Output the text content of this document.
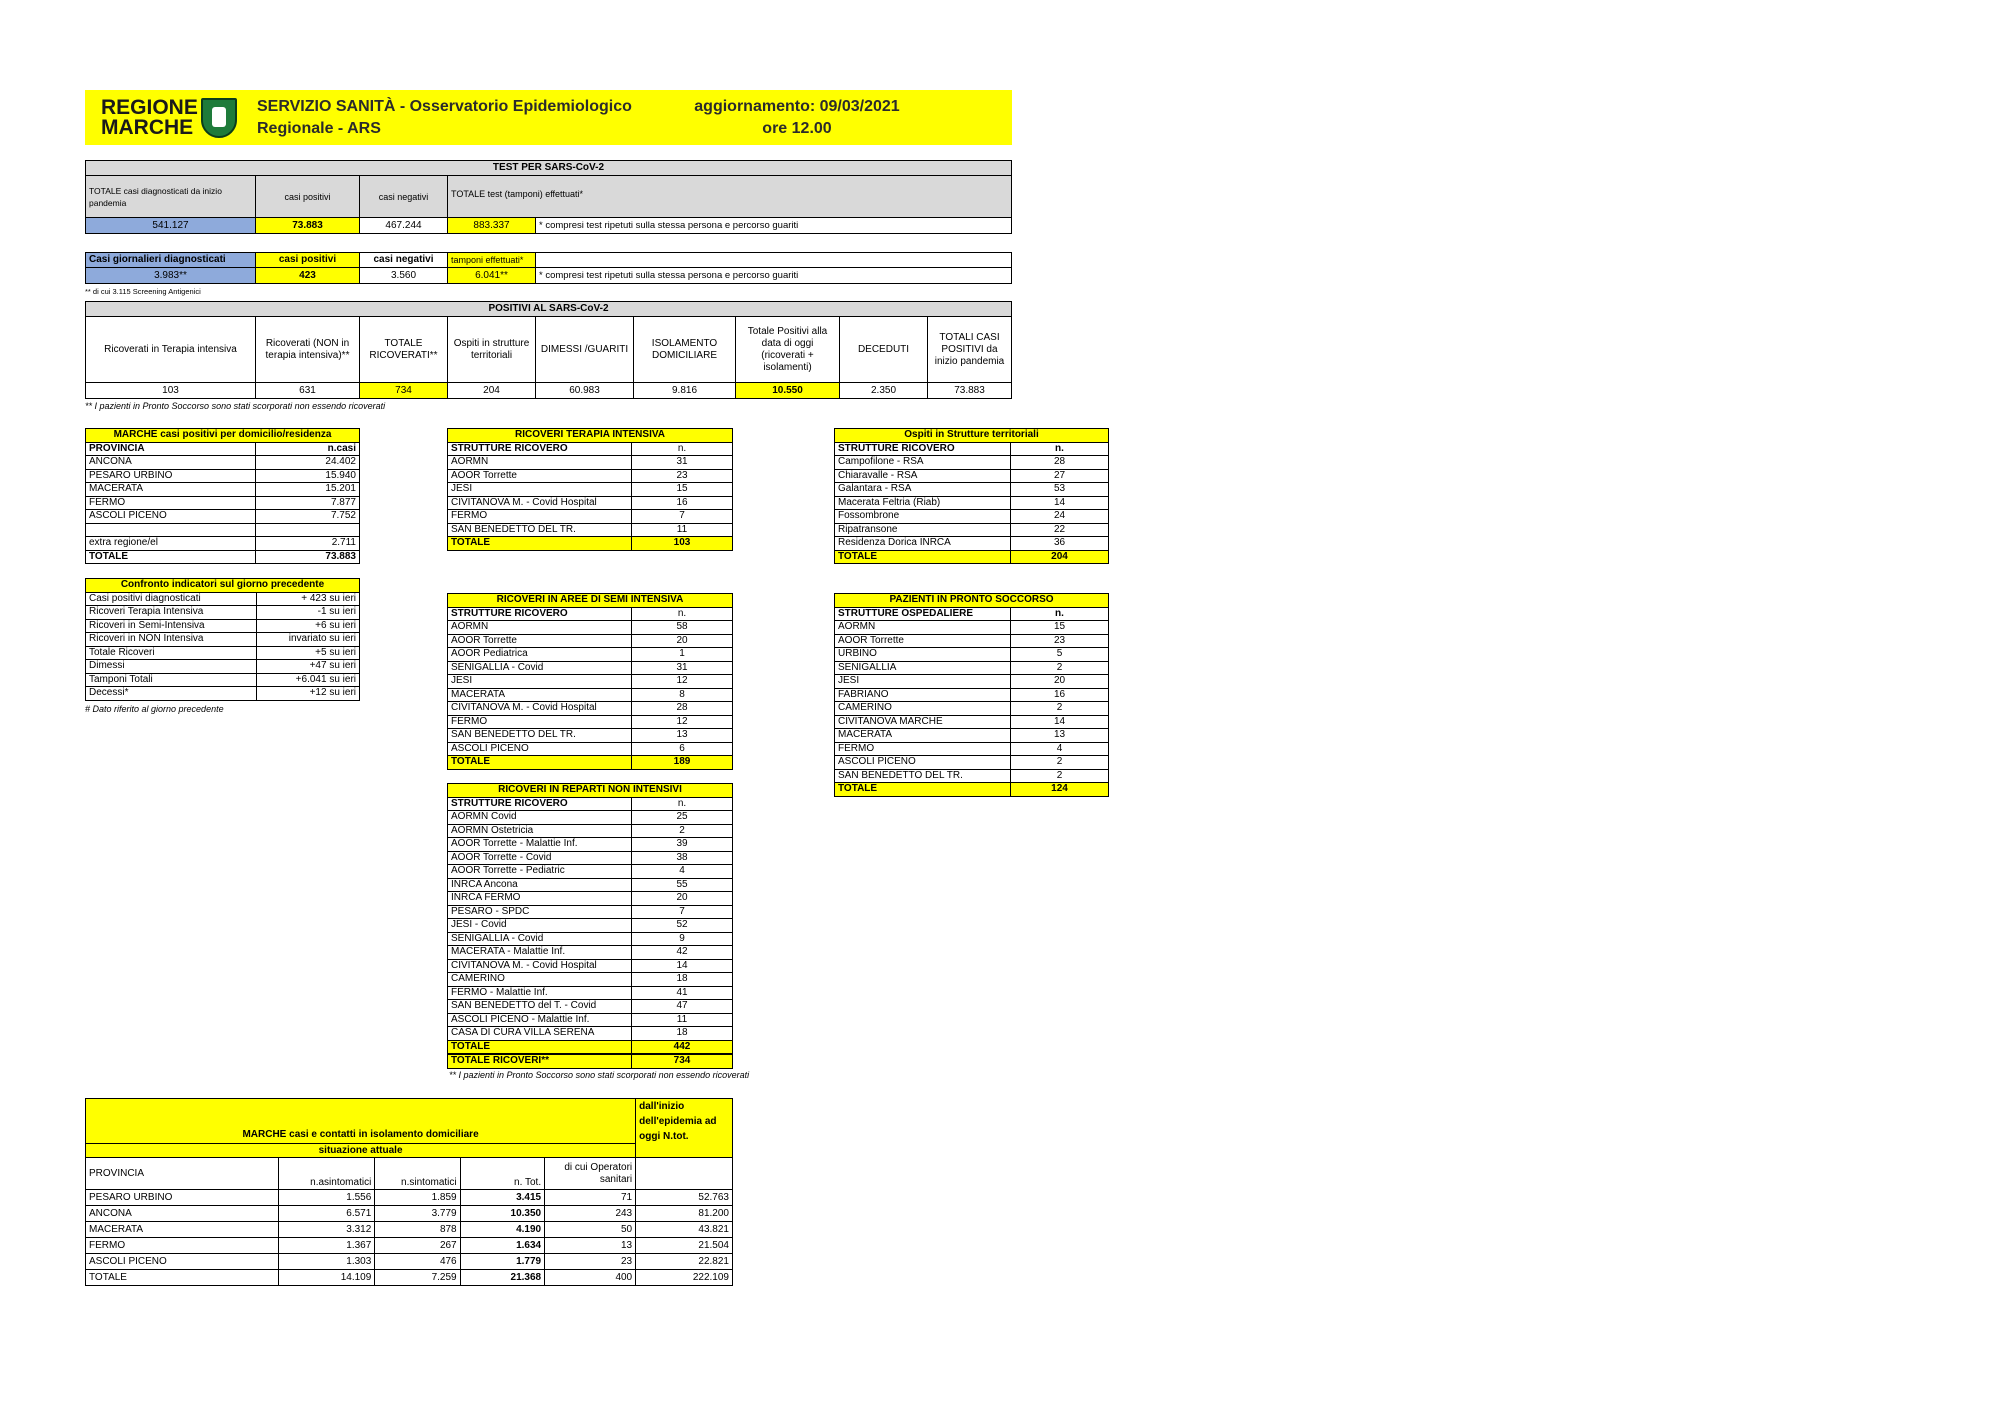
REGIONE
MARCHE
SERVIZIO SANITÀ - Osservatorio Epidemiologico
Regionale - ARS
aggiornamento: 09/03/2021
ore 12.00
TEST PER SARS-CoV-2				
TOTALE casi diagnosticati da inizio pandemia	casi positivi	casi negativi	TOTALE test (tamponi) effettuati*	
541.127	73.883	467.244	883.337	* compresi test ripetuti sulla stessa persona e percorso guariti
Casi giornalieri diagnosticati	casi positivi	casi negativi	tamponi effettuati*	
3.983**	423	3.560	6.041**	* compresi test ripetuti sulla stessa persona e percorso guariti
** di cui 3.115 Screening Antigenici
POSITIVI AL SARS-CoV-2								
Ricoverati in Terapia intensiva	Ricoverati (NON in terapia intensiva)**	TOTALE RICOVERATI**	Ospiti in strutture territoriali	DIMESSI /GUARITI	ISOLAMENTO DOMICILIARE	Totale Positivi alla data di oggi (ricoverati + isolamenti)	DECEDUTI	TOTALI CASI POSITIVI da inizio pandemia
103	631	734	204	60.983	9.816	10.550	2.350	73.883
** I pazienti in Pronto Soccorso sono stati scorporati non essendo ricoverati
MARCHE casi positivi per domicilio/residenza	
PROVINCIA	n.casi
ANCONA	24.402
PESARO URBINO	15.940
MACERATA	15.201
FERMO	7.877
ASCOLI PICENO	7.752

extra regione/el	2.711
TOTALE	73.883
Confronto indicatori sul giorno precedente	
Casi positivi diagnosticati	+ 423 su ieri
Ricoveri Terapia Intensiva	-1 su ieri
Ricoveri in Semi-Intensiva	+6 su ieri
Ricoveri in NON Intensiva	invariato su ieri
Totale Ricoveri	+5 su ieri
Dimessi	+47 su ieri
Tamponi Totali	+6.041 su ieri
Decessi*	+12 su ieri
# Dato riferito al giorno precedente
RICOVERI TERAPIA INTENSIVA	
STRUTTURE RICOVERO	n.
AORMN	31
AOOR Torrette	23
JESI	15
CIVITANOVA M. - Covid Hospital	16
FERMO	7
SAN BENEDETTO DEL TR.	11
TOTALE	103
RICOVERI IN AREE DI SEMI INTENSIVA	
STRUTTURE RICOVERO	n.
AORMN	58
AOOR Torrette	20
AOOR Pediatrica	1
SENIGALLIA - Covid	31
JESI	12
MACERATA	8
CIVITANOVA M. - Covid Hospital	28
FERMO	12
SAN BENEDETTO DEL TR.	13
ASCOLI PICENO	6
TOTALE	189
RICOVERI IN REPARTI NON INTENSIVI	
STRUTTURE RICOVERO	n.
AORMN Covid	25
AORMN Ostetricia	2
AOOR Torrette - Malattie Inf.	39
AOOR Torrette - Covid	38
AOOR Torrette - Pediatric	4
INRCA Ancona	55
INRCA FERMO	20
PESARO - SPDC	7
JESI - Covid	52
SENIGALLIA - Covid	9
MACERATA - Malattie Inf.	42
CIVITANOVA M. - Covid Hospital	14
CAMERINO	18
FERMO - Malattie Inf.	41
SAN BENEDETTO del T. - Covid	47
ASCOLI PICENO - Malattie Inf.	11
CASA DI CURA VILLA SERENA	18
TOTALE	442
TOTALE RICOVERI**	734
** I pazienti in Pronto Soccorso sono stati scorporati non essendo ricoverati
Ospiti in Strutture territoriali	
STRUTTURE RICOVERO	n.
Campofilone - RSA	28
Chiaravalle - RSA	27
Galantara - RSA	53
Macerata Feltria (Riab)	14
Fossombrone	24
Ripatransone	22
Residenza Dorica INRCA	36
TOTALE	204
PAZIENTI IN PRONTO SOCCORSO	
STRUTTURE OSPEDALIERE	n.
AORMN	15
AOOR Torrette	23
URBINO	5
SENIGALLIA	2
JESI	20
FABRIANO	16
CAMERINO	2
CIVITANOVA MARCHE	14
MACERATA	13
FERMO	4
ASCOLI PICENO	2
SAN BENEDETTO DEL TR.	2
TOTALE	124
MARCHE casi e contatti in isolamento domiciliare					dall'inizio dell'epidemia ad oggi N.tot.
situazione attuale					
PROVINCIA	n.asintomatici	n.sintomatici	n. Tot.	di cui Operatori sanitari	
PESARO URBINO	1.556	1.859	3.415	71	52.763
ANCONA	6.571	3.779	10.350	243	81.200
MACERATA	3.312	878	4.190	50	43.821
FERMO	1.367	267	1.634	13	21.504
ASCOLI PICENO	1.303	476	1.779	23	22.821
TOTALE	14.109	7.259	21.368	400	222.109
